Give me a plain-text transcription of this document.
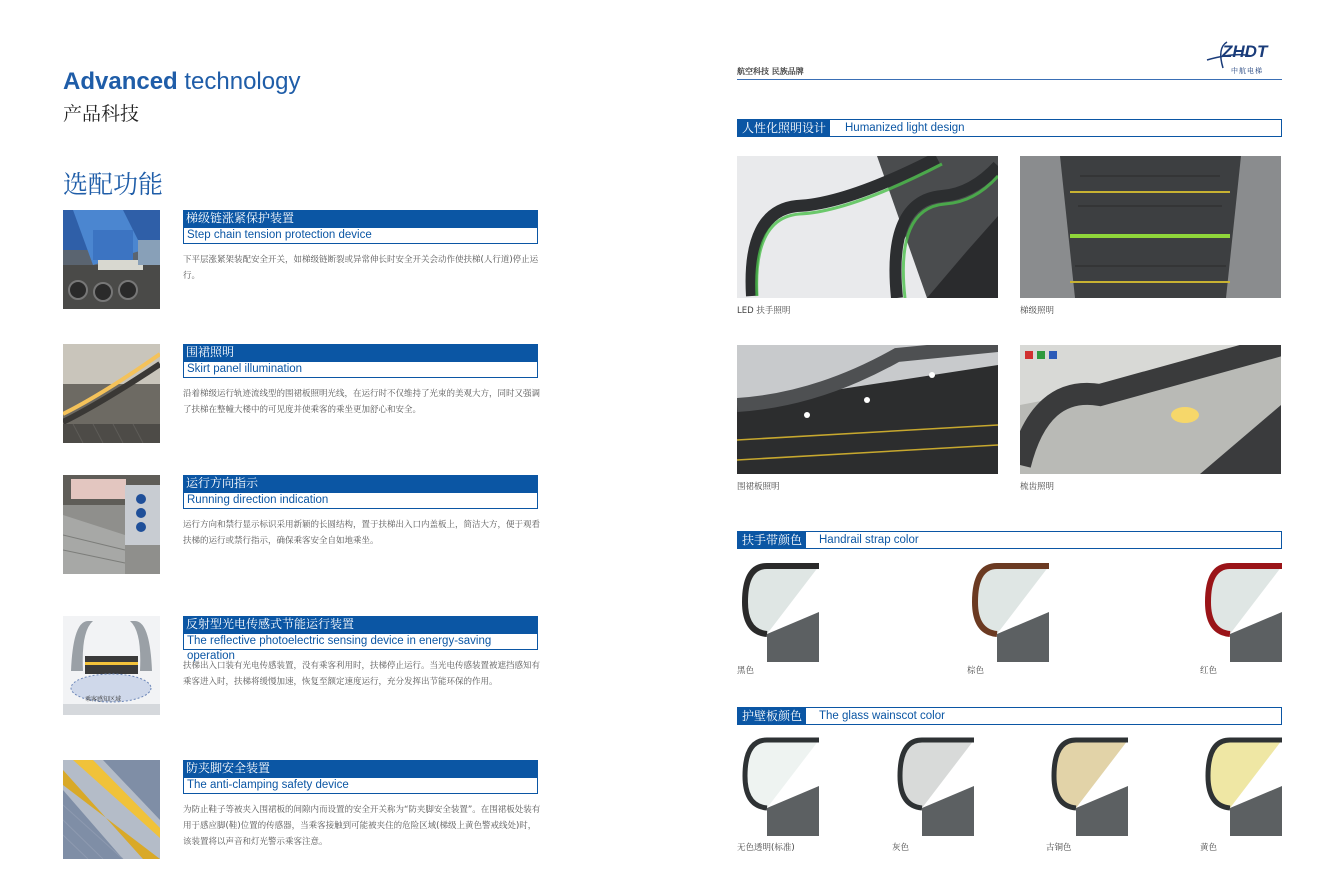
Advanced technology
产品科技
选配功能
梯级链涨紧保护装置
Step chain tension protection device
下平层涨紧架装配安全开关，如梯级链断裂或异常伸长时安全开关会动作使扶梯(人行道)停止运行。
围裙照明
Skirt panel illumination
沿着梯级运行轨迹流线型的围裙板照明光线，在运行时不仅维持了光束的美观大方，同时又强调了扶梯在整幢大楼中的可见度并使乘客的乘坐更加舒心和安全。
运行方向指示
Running direction indication
运行方向和禁行显示标识采用新颖的长圆结构，置于扶梯出入口内盖板上，简洁大方，便于观看扶梯的运行或禁行指示，确保乘客安全自如地乘坐。
乘客感知区域
反射型光电传感式节能运行装置
The reflective photoelectric sensing device in energy-saving operation
扶梯出入口装有光电传感装置，没有乘客利用时，扶梯停止运行。当光电传感装置被遮挡感知有乘客进入时，扶梯将缓慢加速，恢复至额定速度运行，充分发挥出节能环保的作用。
防夹脚安全装置
The anti-clamping safety device
为防止鞋子等被夹入围裙板的间隙内而设置的安全开关称为“防夹脚安全装置”。在围裙板处装有用于感应脚(鞋)位置的传感器，当乘客接触到可能被夹住的危险区域(梯级上黄色警戒线处)时，该装置将以声音和灯光警示乘客注意。
航空科技 民族品牌
ZHDT
中航电梯
人性化照明设计	Humanized light design
LED 扶手照明	梯级照明
围裙板照明	梳齿照明
扶手带颜色	Handrail strap color
黑色	棕色	红色
护壁板颜色	The glass wainscot color
无色透明(标准)	灰色	古铜色	黄色
